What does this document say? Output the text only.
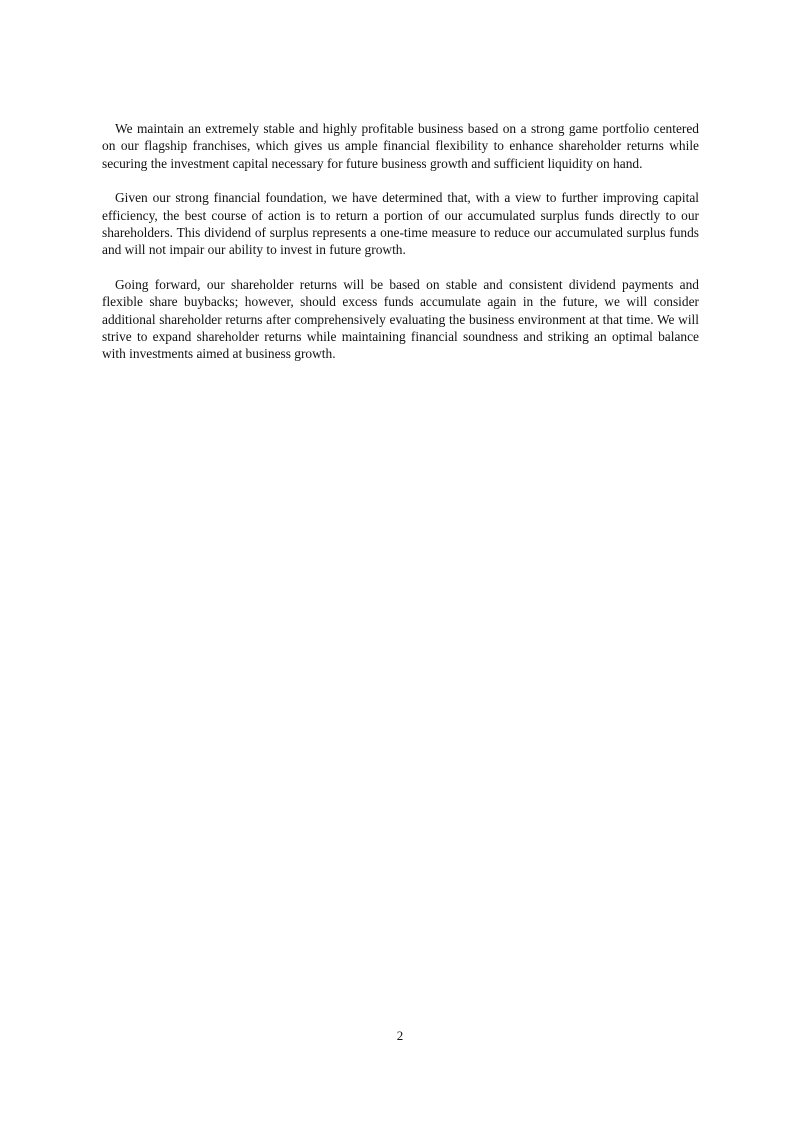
We maintain an extremely stable and highly profitable business based on a strong game portfolio centered on our flagship franchises, which gives us ample financial flexibility to enhance shareholder returns while securing the investment capital necessary for future business growth and sufficient liquidity on hand.

Given our strong financial foundation, we have determined that, with a view to further improving capital efficiency, the best course of action is to return a portion of our accumulated surplus funds directly to our shareholders. This dividend of surplus represents a one-time measure to reduce our accumulated surplus funds and will not impair our ability to invest in future growth.

Going forward, our shareholder returns will be based on stable and consistent dividend payments and flexible share buybacks; however, should excess funds accumulate again in the future, we will consider additional shareholder returns after comprehensively evaluating the business environment at that time. We will strive to expand shareholder returns while maintaining financial soundness and striking an optimal balance with investments aimed at business growth.

2
